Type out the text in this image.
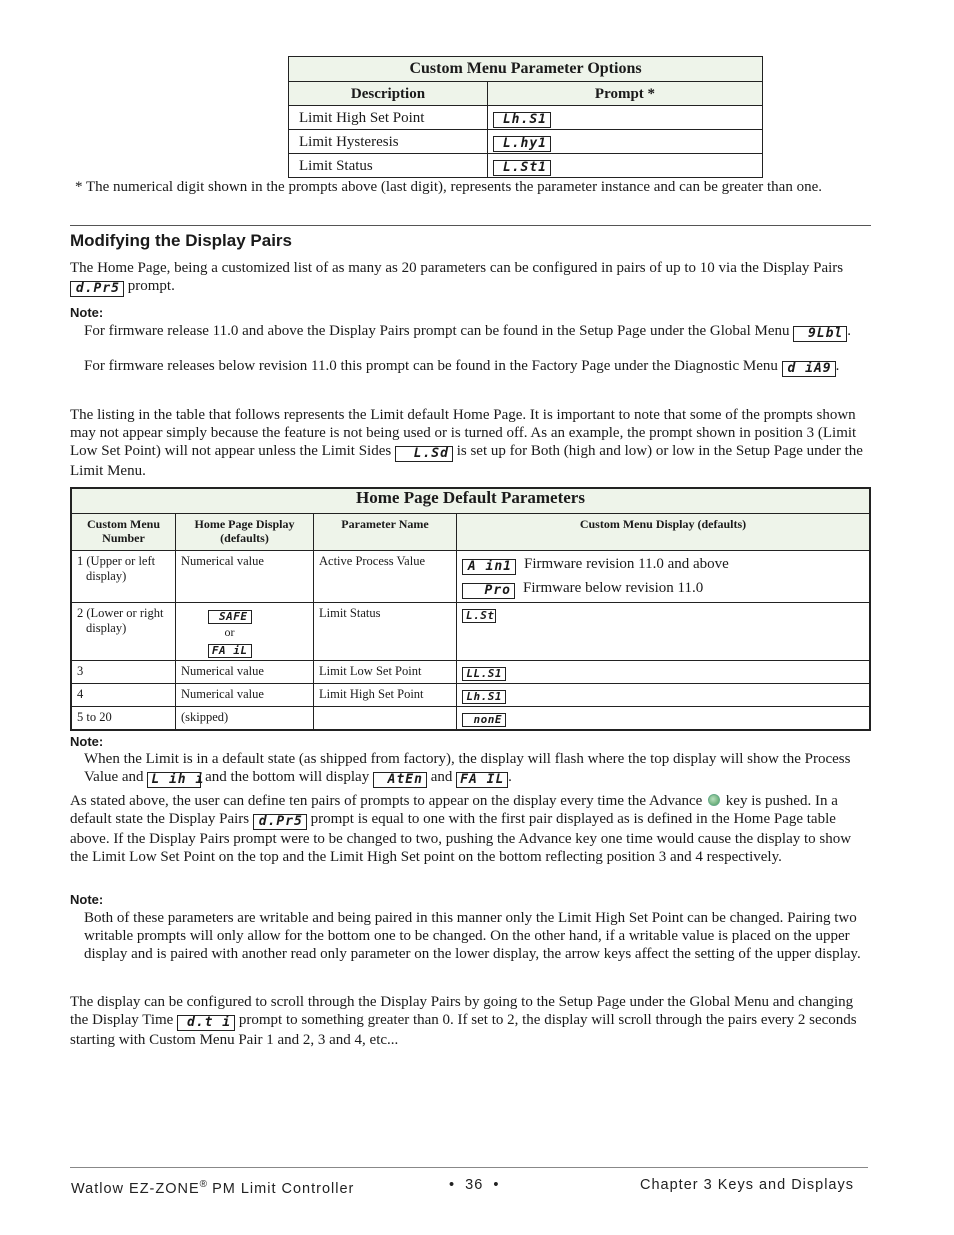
Custom Menu Parameter Options	
Description	Prompt *
Limit High Set Point	Lh.S1
Limit Hysteresis	L.hy1
Limit Status	L.St1
* The numerical digit shown in the prompts above (last digit), represents the parameter instance and can be greater than one.
Modifying the Display Pairs

The Home Page, being a customized list of as many as 20 parameters can be configured in pairs of up to 10 via the Display Pairs d.Pr5 prompt.

Note:

For firmware release 11.0 and above the Display Pairs prompt can be found in the Setup Page under the Global Menu 9Lbl .

For firmware releases below revision 11.0 this prompt can be found in the Factory Page under the Diagnostic Menu d iA9 .

The listing in the table that follows represents the Limit default Home Page. It is important to note that some of the prompts shown may not appear simply because the feature is not being used or is turned off. As an example, the prompt shown in position 3 (Limit Low Set Point) will not appear unless the Limit Sides L.Sd is set up for Both (high and low) or low in the Setup Page under the Limit Menu.

Home Page Default Parameters			
Custom Menu Number	Home Page Display (defaults)	Parameter Name	Custom Menu Display (defaults)

1 (Upper or left display)	Numerical value	Active Process Value	A in1 Firmware revision 11.0 and above
Pro Firmware below revision 11.0

2 (Lower or right display)	SAFE
or
FA iL	Limit Status	L.St
3	Numerical value	Limit Low Set Point	LL.S1
4	Numerical value	Limit High Set Point	Lh.S1
5 to 20	(skipped)		nonE
Note:

When the Limit is in a default state (as shipped from factory), the display will flash where the top display will show the Process Value and L ih i and the bottom will display AtEn and FA IL .

As stated above, the user can define ten pairs of prompts to appear on the display every time the Advance key is pushed. In a default state the Display Pairs d.Pr5 prompt is equal to one with the first pair displayed as is defined in the Home Page table above. If the Display Pairs prompt were to be changed to two, pushing the Advance key one time would cause the display to show the Limit Low Set Point on the top and the Limit High Set point on the bottom reflecting position 3 and 4 respectively.

Note:

Both of these parameters are writable and being paired in this manner only the Limit High Set Point can be changed. Pairing two writable prompts will only allow for the bottom one to be changed. On the other hand, if a writable value is placed on the upper display and is paired with another read only parameter on the lower display, the arrow keys affect the setting of the upper display.

The display can be configured to scroll through the Display Pairs by going to the Setup Page under the Global Menu and changing the Display Time d.t i prompt to something greater than 0. If set to 2, the display will scroll through the pairs every 2 seconds starting with Custom Menu Pair 1 and 2, 3 and 4, etc...

Watlow EZ-ZONE® PM Limit Controller	•  36  •	Chapter 3 Keys and Displays
